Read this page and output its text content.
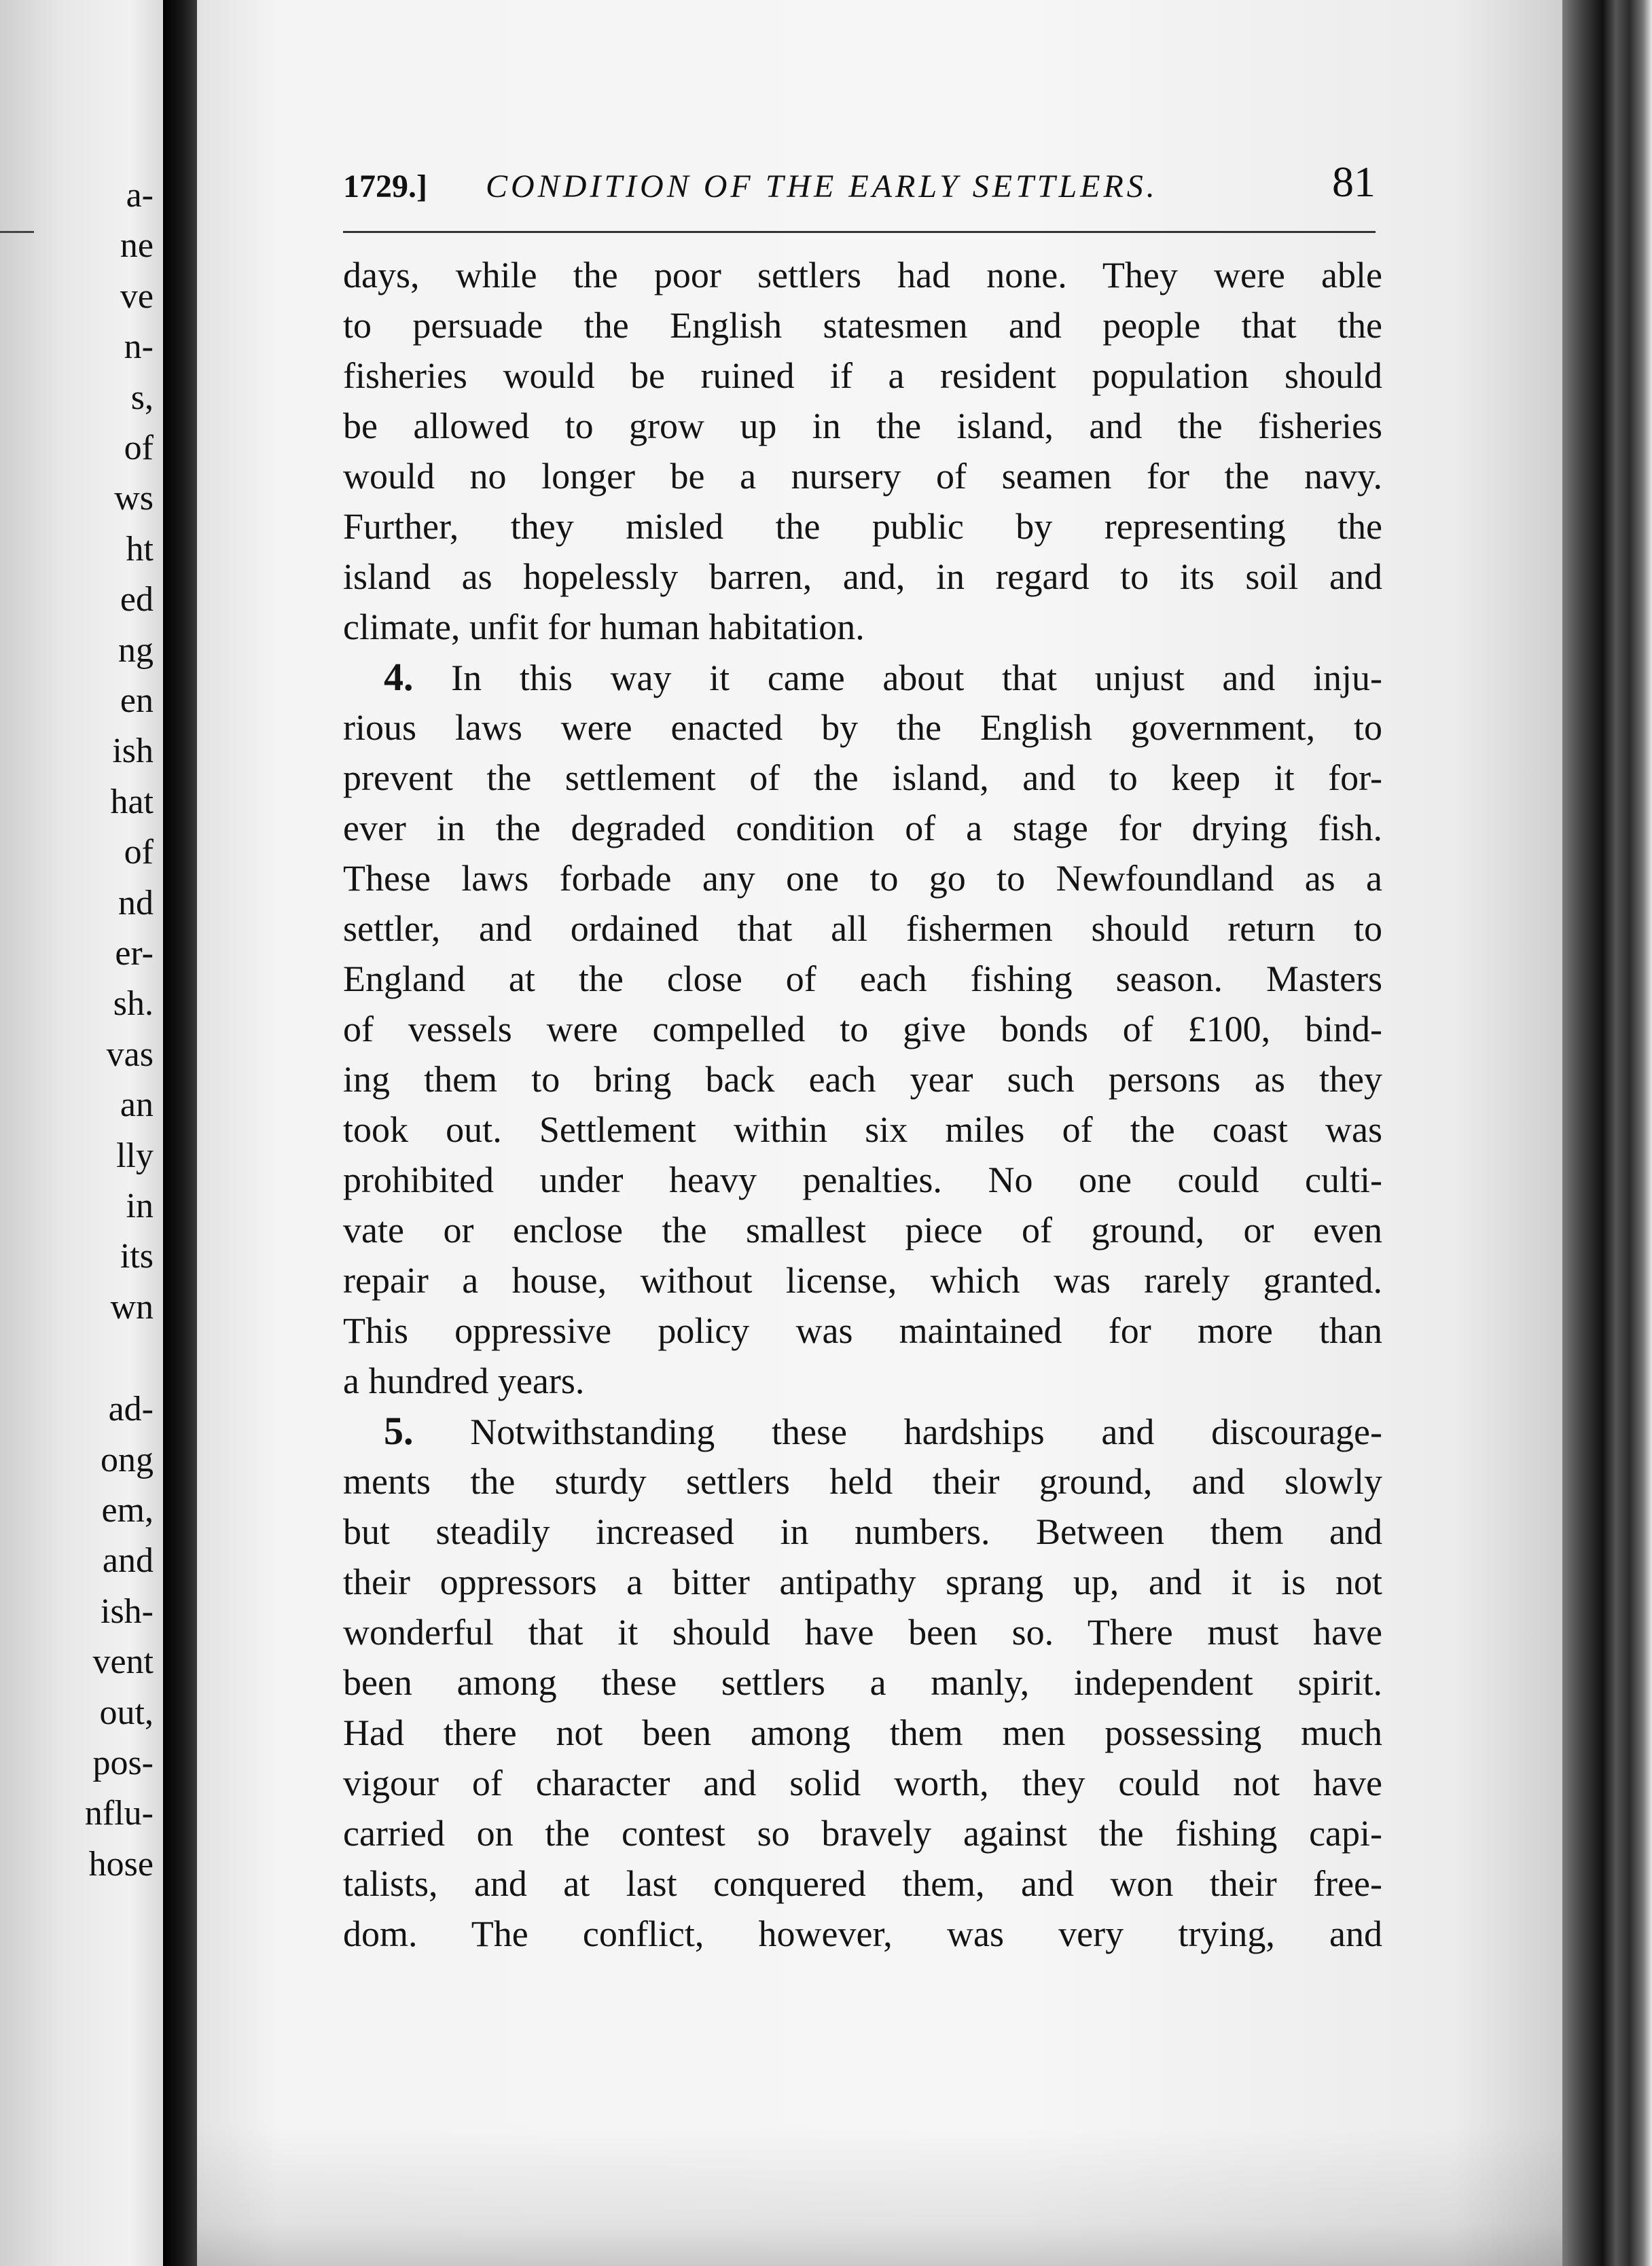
a-
ne
ve
n-
s,
of
ws
ht
ed
ng
en
ish
hat
of
nd
er-
sh.
vas
an
lly
in
its
wn
ad-
ong
em,
and
ish-
vent
out,
pos-
nflu-
hose
1729.] CONDITION OF THE EARLY SETTLERS.	81
days, while the poor settlers had none. They were able
to persuade the English statesmen and people that the
fisheries would be ruined if a resident population should
be allowed to grow up in the island, and the fisheries
would no longer be a nursery of seamen for the navy.
Further, they misled the public by representing the
island as hopelessly barren, and, in regard to its soil and
climate, unfit for human habitation.
4. In this way it came about that unjust and inju-
rious laws were enacted by the English government, to
prevent the settlement of the island, and to keep it for-
ever in the degraded condition of a stage for drying fish.
These laws forbade any one to go to Newfoundland as a
settler, and ordained that all fishermen should return to
England at the close of each fishing season. Masters
of vessels were compelled to give bonds of £100, bind-
ing them to bring back each year such persons as they
took out. Settlement within six miles of the coast was
prohibited under heavy penalties. No one could culti-
vate or enclose the smallest piece of ground, or even
repair a house, without license, which was rarely granted.
This oppressive policy was maintained for more than
a hundred years.
5. Notwithstanding these hardships and discourage-
ments the sturdy settlers held their ground, and slowly
but steadily increased in numbers. Between them and
their oppressors a bitter antipathy sprang up, and it is not
wonderful that it should have been so. There must have
been among these settlers a manly, independent spirit.
Had there not been among them men possessing much
vigour of character and solid worth, they could not have
carried on the contest so bravely against the fishing capi-
talists, and at last conquered them, and won their free-
dom. The conflict, however, was very trying, and
